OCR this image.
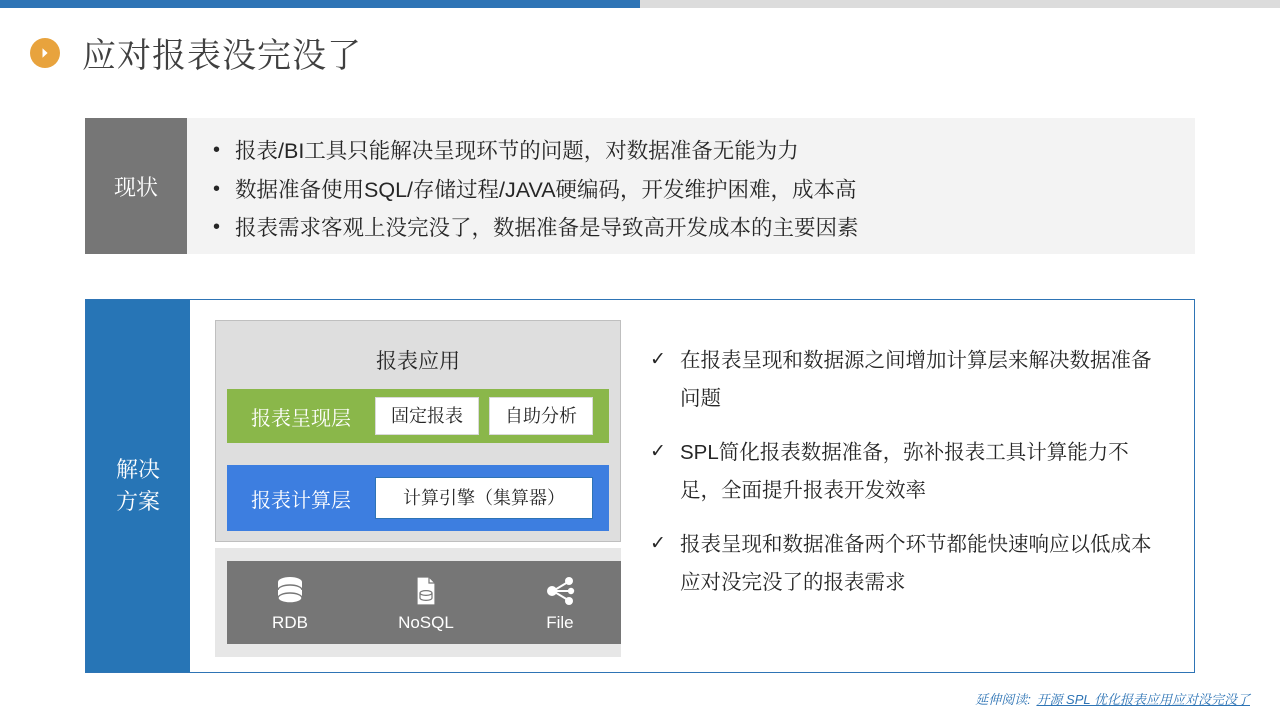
应对报表没完没了
现状
• 报表/BI工具只能解决呈现环节的问题，对数据准备无能为力
• 数据准备使用SQL/存储过程/JAVA硬编码，开发维护困难，成本高
• 报表需求客观上没完没了，数据准备是导致高开发成本的主要因素
解决
方案
报表应用
报表呈现层	固定报表	自助分析
报表计算层	计算引擎（集算器）
RDB	NoSQL	File
✓ 在报表呈现和数据源之间增加计算层来解决数据准备问题
✓ SPL简化报表数据准备，弥补报表工具计算能力不足，全面提升报表开发效率
✓ 报表呈现和数据准备两个环节都能快速响应以低成本应对没完没了的报表需求
延伸阅读: 开源 SPL 优化报表应用应对没完没了
